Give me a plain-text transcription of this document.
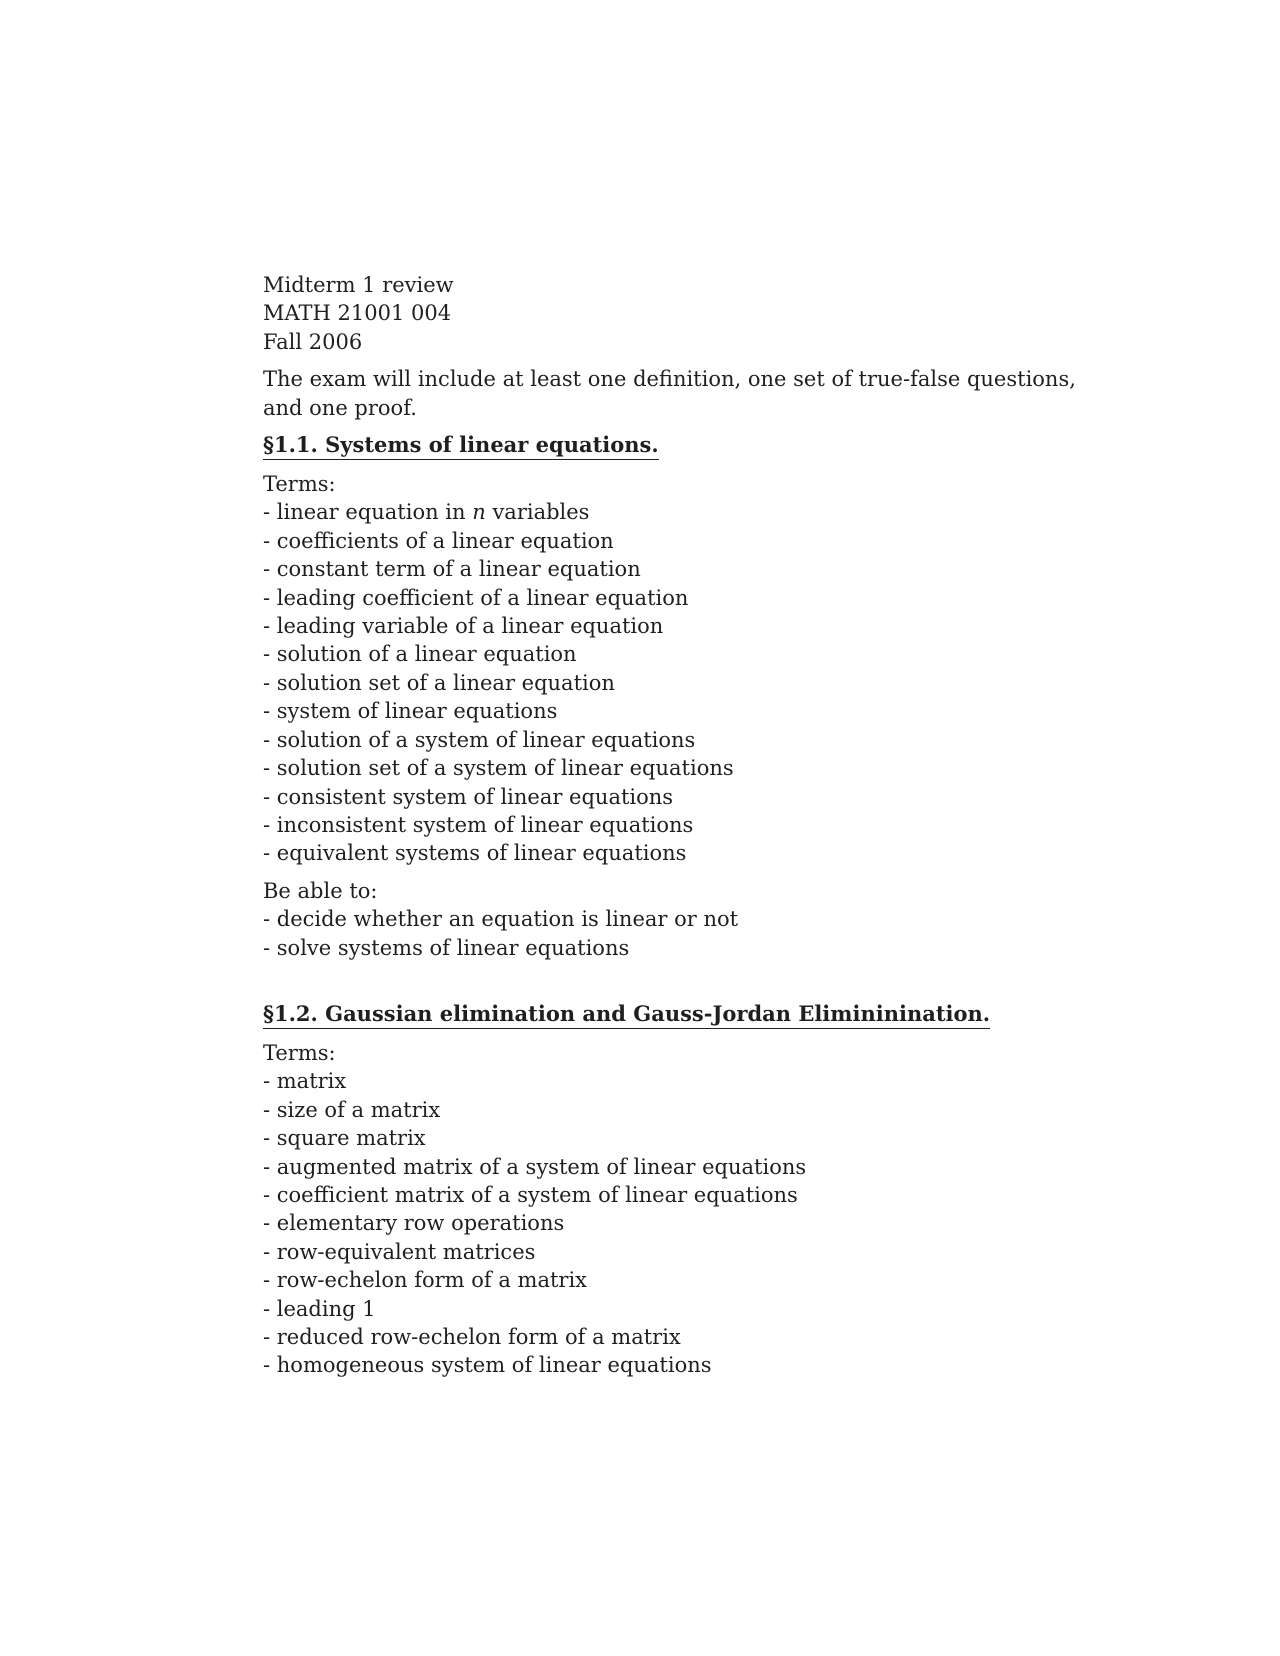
Midterm 1 review
MATH 21001 004
Fall 2006
The exam will include at least one definition, one set of true-false questions,
and one proof.
§1.1. Systems of linear equations.
Terms:
- linear equation in n variables
- coefficients of a linear equation
- constant term of a linear equation
- leading coefficient of a linear equation
- leading variable of a linear equation
- solution of a linear equation
- solution set of a linear equation
- system of linear equations
- solution of a system of linear equations
- solution set of a system of linear equations
- consistent system of linear equations
- inconsistent system of linear equations
- equivalent systems of linear equations
Be able to:
- decide whether an equation is linear or not
- solve systems of linear equations
§1.2. Gaussian elimination and Gauss-Jordan Elimininination.
Terms:
- matrix
- size of a matrix
- square matrix
- augmented matrix of a system of linear equations
- coefficient matrix of a system of linear equations
- elementary row operations
- row-equivalent matrices
- row-echelon form of a matrix
- leading 1
- reduced row-echelon form of a matrix
- homogeneous system of linear equations
